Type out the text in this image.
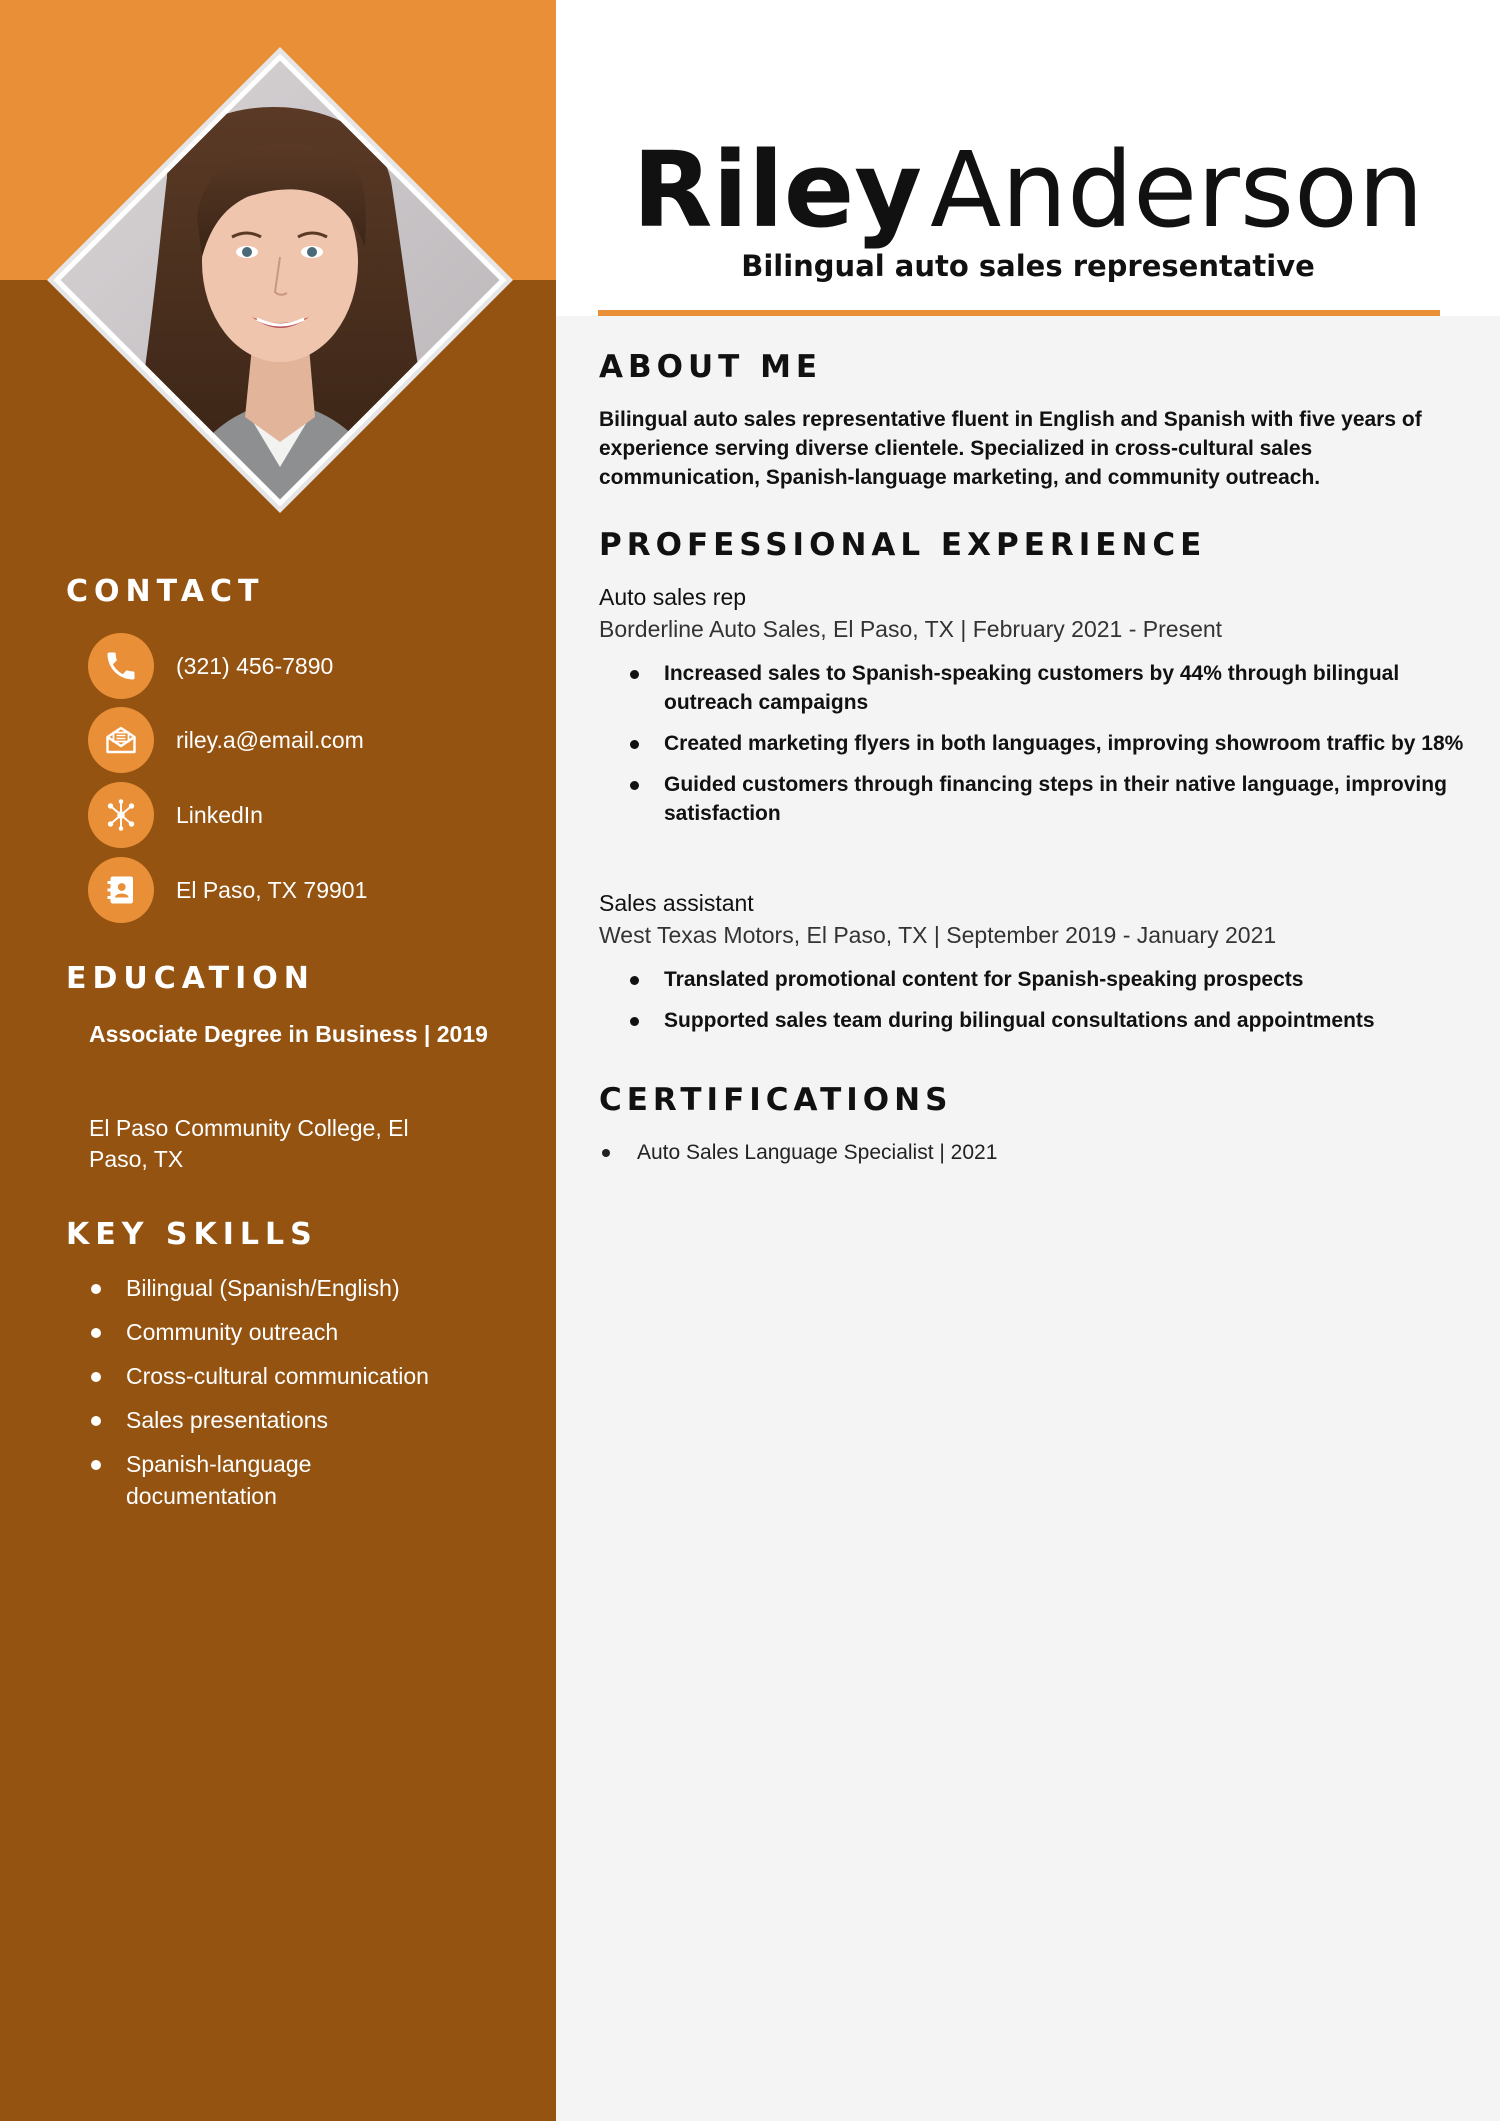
CONTACT
(321) 456-7890
riley.a@email.com
LinkedIn
El Paso, TX 79901
EDUCATION
Associate Degree in Business | 2019
El Paso Community College, El Paso, TX
KEY SKILLS
Bilingual (Spanish/English)
Community outreach
Cross-cultural communication
Sales presentations
Spanish-language documentation
RileyAnderson
Bilingual auto sales representative
ABOUT ME
Bilingual auto sales representative fluent in English and Spanish with five years of experience serving diverse clientele. Specialized in cross-cultural sales communication, Spanish-language marketing, and community outreach.
PROFESSIONAL EXPERIENCE
Auto sales rep
Borderline Auto Sales, El Paso, TX | February 2021 - Present
Increased sales to Spanish-speaking customers by 44% through bilingual outreach campaigns
Created marketing flyers in both languages, improving showroom traffic by 18%
Guided customers through financing steps in their native language, improving satisfaction
Sales assistant
West Texas Motors, El Paso, TX | September 2019 - January 2021
Translated promotional content for Spanish-speaking prospects
Supported sales team during bilingual consultations and appointments
CERTIFICATIONS
Auto Sales Language Specialist | 2021
